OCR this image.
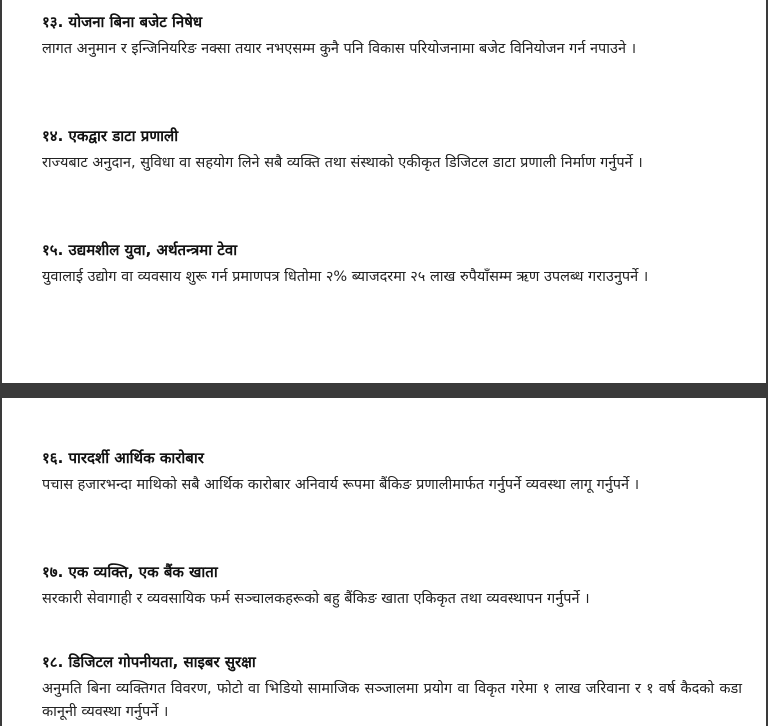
१३. योजना बिना बजेट निषेध

लागत अनुमान र इन्जिनियरिङ नक्सा तयार नभएसम्म कुनै पनि विकास परियोजनामा बजेट विनियोजन गर्न नपाउने ।

१४. एकद्वार डाटा प्रणाली

राज्यबाट अनुदान, सुविधा वा सहयोग लिने सबै व्यक्ति तथा संस्थाको एकीकृत डिजिटल डाटा प्रणाली निर्माण गर्नुपर्ने ।

१५. उद्यमशील युवा, अर्थतन्त्रमा टेवा

युवालाई उद्योग वा व्यवसाय शुरू गर्न प्रमाणपत्र धितोमा २% ब्याजदरमा २५ लाख रुपैयाँसम्म ऋण उपलब्ध गराउनुपर्ने ।

१६. पारदर्शी आर्थिक कारोबार

पचास हजारभन्दा माथिको सबै आर्थिक कारोबार अनिवार्य रूपमा बैंकिङ प्रणालीमार्फत गर्नुपर्ने व्यवस्था लागू गर्नुपर्ने ।

१७. एक व्यक्ति, एक बैंक खाता

सरकारी सेवागाही र व्यवसायिक फर्म सञ्चालकहरूको बहु बैंकिङ खाता एकिकृत तथा व्यवस्थापन गर्नुपर्ने ।

१८. डिजिटल गोपनीयता, साइबर सुरक्षा

अनुमति बिना व्यक्तिगत विवरण, फोटो वा भिडियो सामाजिक सञ्जालमा प्रयोग वा विकृत गरेमा १ लाख जरिवाना र १ वर्ष कैदको कडा कानूनी व्यवस्था गर्नुपर्ने ।
